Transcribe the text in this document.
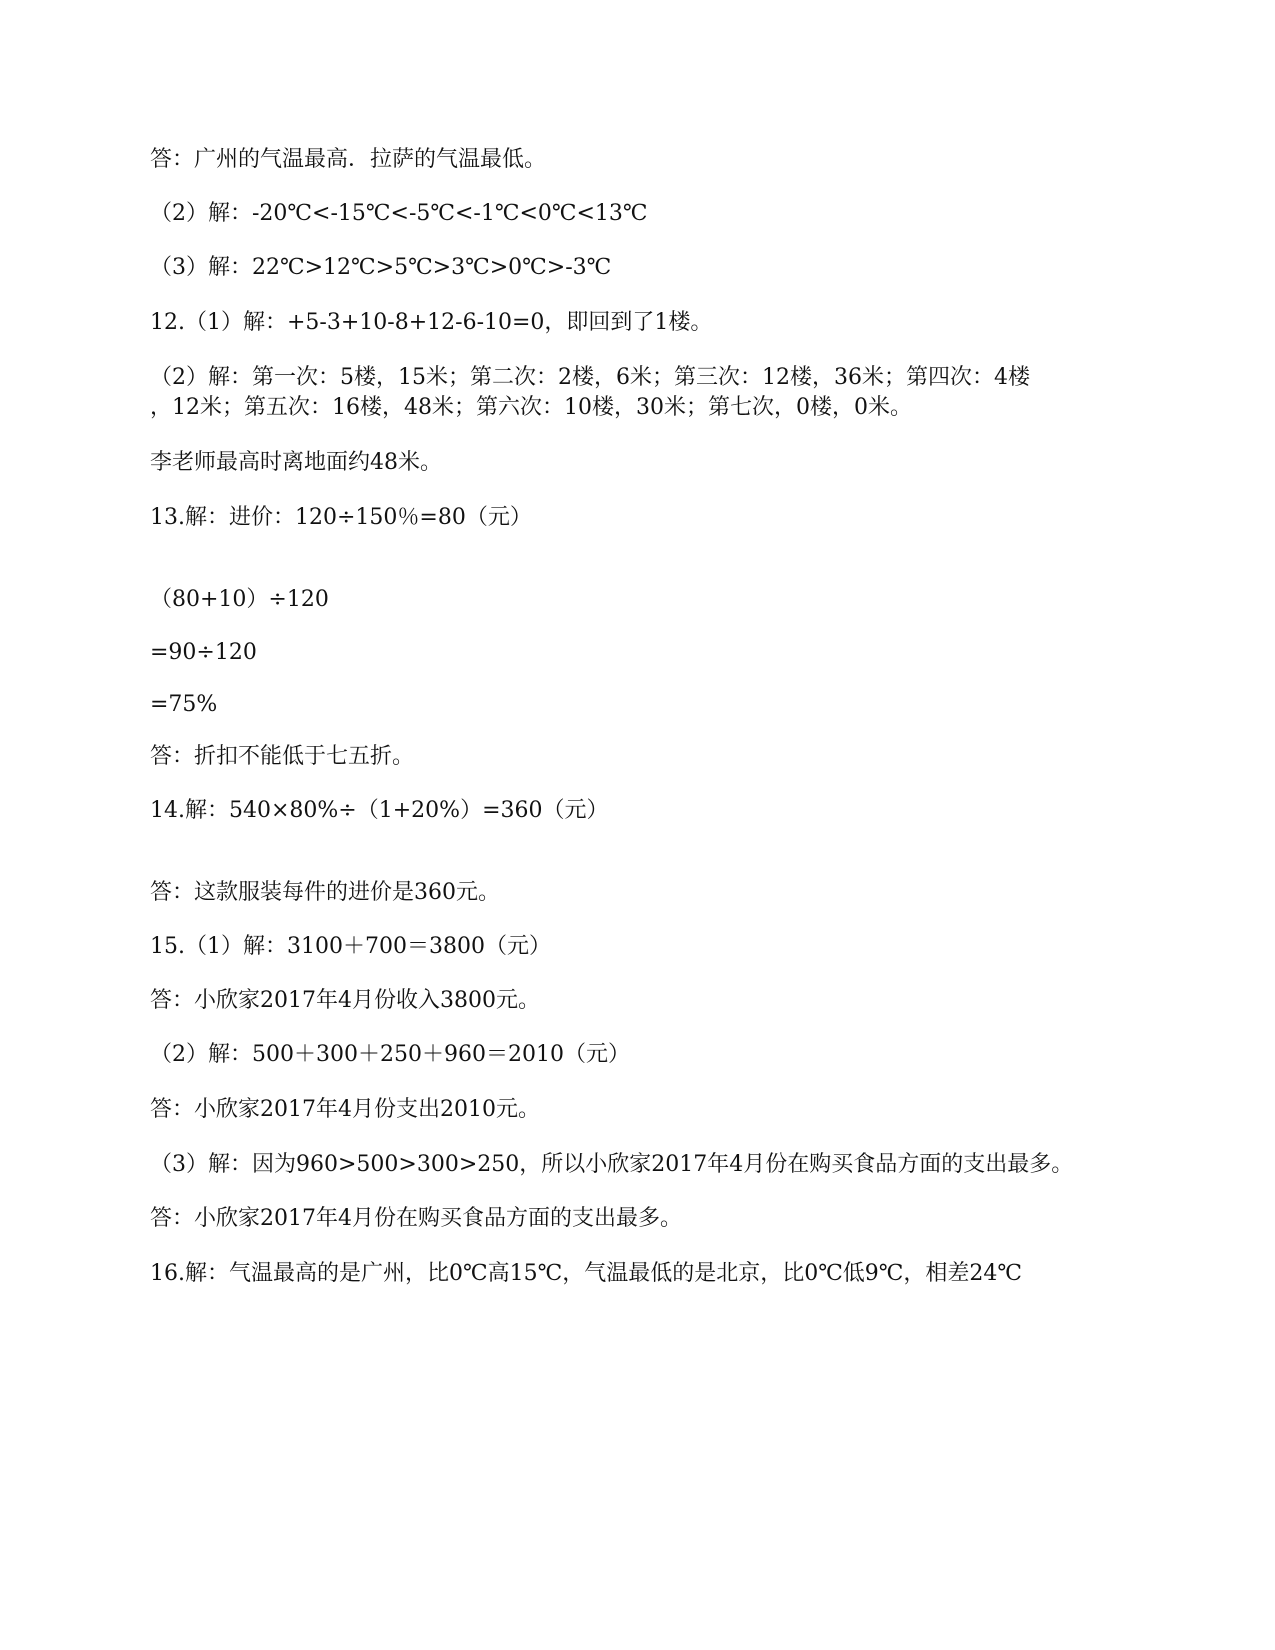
答：广州的气温最高．拉萨的气温最低。
（2）解：-20℃<-15℃<-5℃<-1℃<0℃<13℃
（3）解：22℃>12℃>5℃>3℃>0℃>-3℃
12.（1）解：+5-3+10-8+12-6-10=0，即回到了1楼。
（2）解：第一次：5楼，15米；第二次：2楼，6米；第三次：12楼，36米；第四次：4楼
，12米；第五次：16楼，48米；第六次：10楼，30米；第七次，0楼，0米。
李老师最高时离地面约48米。
13.解：进价：120÷150％=80（元）
（80+10）÷120
=90÷120
=75%
答：折扣不能低于七五折。
14.解：540×80%÷（1+20%）=360（元）
答：这款服装每件的进价是360元。
15.（1）解：3100＋700＝3800（元）
答：小欣家2017年4月份收入3800元。
（2）解：500＋300＋250＋960＝2010（元）
答：小欣家2017年4月份支出2010元。
（3）解：因为960>500>300>250，所以小欣家2017年4月份在购买食品方面的支出最多。
答：小欣家2017年4月份在购买食品方面的支出最多。
16.解：气温最高的是广州，比0℃高15℃，气温最低的是北京，比0℃低9℃，相差24℃
